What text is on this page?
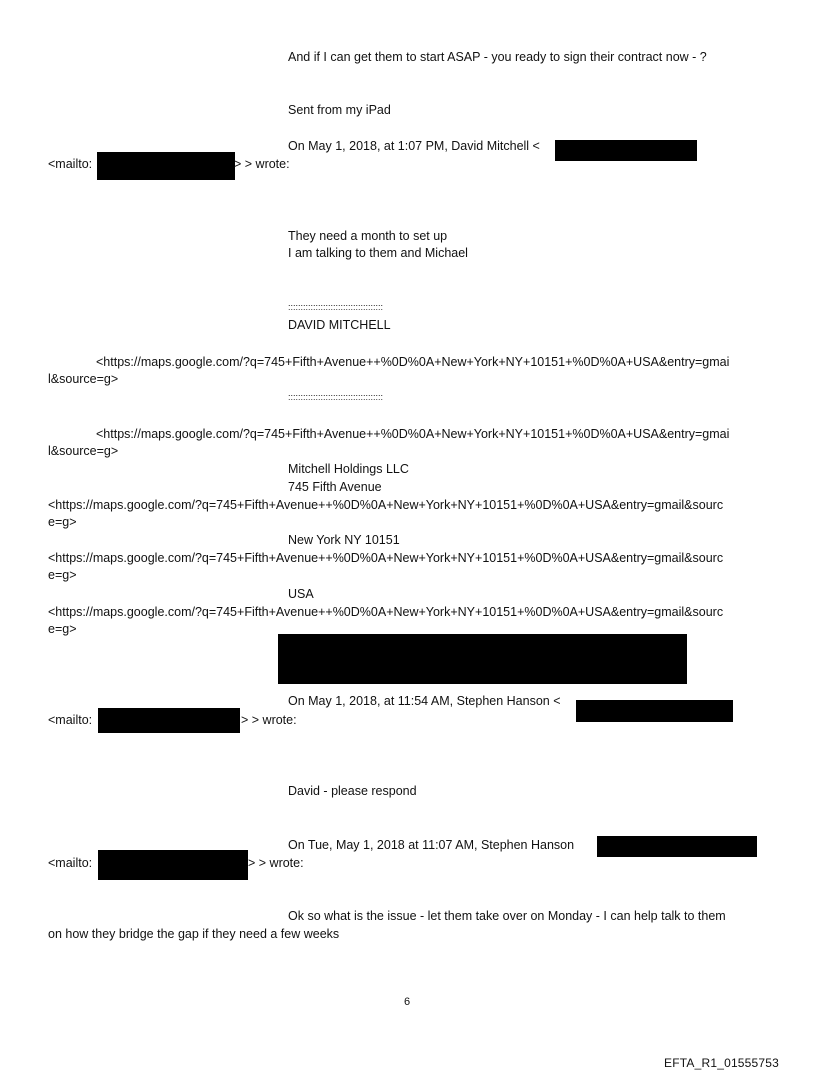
And if I can get them to start ASAP - you ready to sign their contract now - ?
Sent from my iPad
On May 1, 2018, at 1:07 PM, David Mitchell <
<mailto:	> > wrote:
They need a month to set up
I am talking to them and Michael
::::::::::::::::::::::::::::::::::::::
DAVID MITCHELL
<https://maps.google.com/?q=745+Fifth+Avenue++%0D%0A+New+York+NY+10151+%0D%0A+USA&entry=gmai
l&source=g>
::::::::::::::::::::::::::::::::::::::
<https://maps.google.com/?q=745+Fifth+Avenue++%0D%0A+New+York+NY+10151+%0D%0A+USA&entry=gmai
l&source=g>
Mitchell Holdings LLC
745 Fifth Avenue
<https://maps.google.com/?q=745+Fifth+Avenue++%0D%0A+New+York+NY+10151+%0D%0A+USA&entry=gmail&sourc
e=g>
New York NY 10151
<https://maps.google.com/?q=745+Fifth+Avenue++%0D%0A+New+York+NY+10151+%0D%0A+USA&entry=gmail&sourc
e=g>
USA
<https://maps.google.com/?q=745+Fifth+Avenue++%0D%0A+New+York+NY+10151+%0D%0A+USA&entry=gmail&sourc
e=g>
On May 1, 2018, at 11:54 AM, Stephen Hanson <
<mailto:	> > wrote:
David - please respond
On Tue, May 1, 2018 at 11:07 AM, Stephen Hanson
<mailto:	> > wrote:
Ok so what is the issue - let them take over on Monday - I can help talk to them
on how they bridge the gap if they need a few weeks
6
EFTA_R1_01555753
